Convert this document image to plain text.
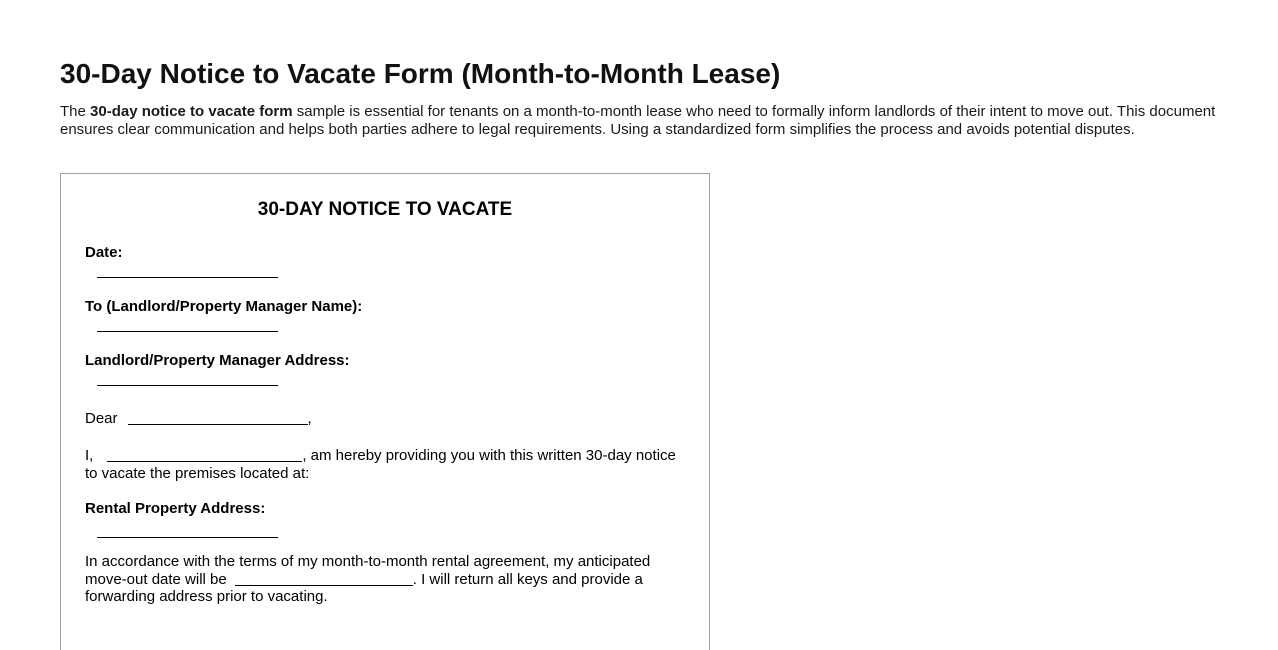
30-Day Notice to Vacate Form (Month-to-Month Lease)

The 30-day notice to vacate form sample is essential for tenants on a month-to-month lease who need to formally inform landlords of their intent to move out. This document ensures clear communication and helps both parties adhere to legal requirements. Using a standardized form simplifies the process and avoids potential disputes.

30-DAY NOTICE TO VACATE
Date:
To (Landlord/Property Manager Name):
Landlord/Property Manager Address:

Dear	,

I,	, am hereby providing you with this written 30-day notice to vacate the premises located at:

Rental Property Address:

In accordance with the terms of my month-to-month rental agreement, my anticipated move-out date will be	. I will return all keys and provide a forwarding address prior to vacating.
